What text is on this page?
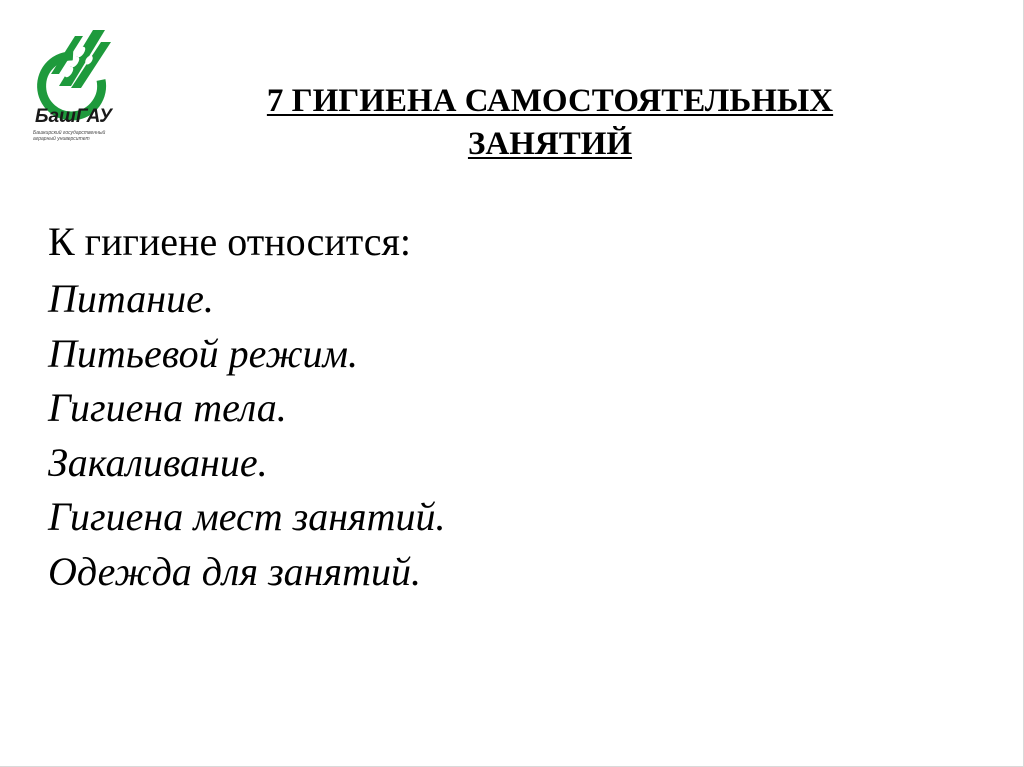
БашГАУ
Башкирский государственный аграрный университет
7 ГИГИЕНА САМОСТОЯТЕЛЬНЫХ
ЗАНЯТИЙ
К гигиене относится:
Питание.
Питьевой режим.
Гигиена тела.
Закаливание.
Гигиена мест занятий.
Одежда для занятий.
